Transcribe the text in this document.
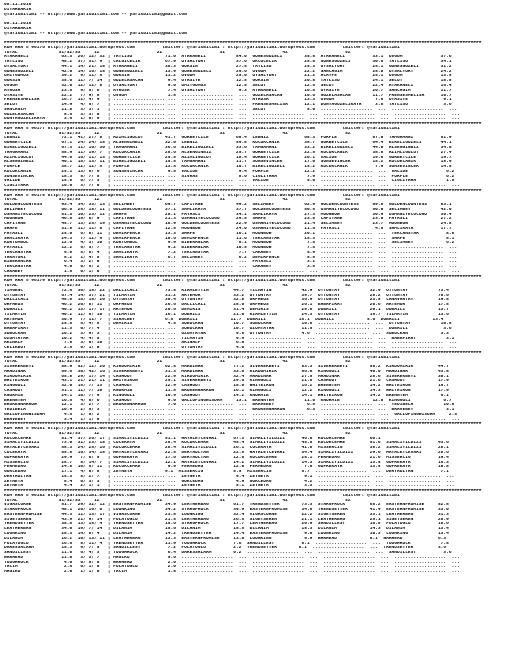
08.11.2016
DIYARBAKIR
@YarisBilimi -- http://www.yarisbilimi.com -- yarisbilimi@gmail.com

08.11.2016
DIYARBAKIR
@YarisBilimi -- http://www.yarisbilimi.com -- yarisbilimi@gmail.com

###############################################################################################################################################################################
KUM ARA = 96176 http://yarisbilimi.wordpress.com          twitter: @YarisBilimi : http://yarisbilimi.wordpress.com          twitter: @YarisBilimi
TOTAL               S1/S2/S3     1Z                     2Z                     3Z                     4Z                     5Z
ATAKANELI            63.3  26/ 12/ 32 | TATLISU            71.0  ATAKANELI           84.0  GUNESGUZELI        35.8  ATAKANELI          33.1  OVGUM              37.6
TATLISU              48.2  37/ 31/ 9  | CALGICELIK         67.9  UYSALYURT           37.6  OKCUCELIK          25.8  GUNESGUZELI        30.6  TATLISU            34.1
UYSALYURT            44.1  14/ 21/ 18 | ATAKANELI          38.3  GOKSIN              27.5  TATLISU            25.3  UYSALYURT          25.1  GUNESGUZELI        31.2
GUNESGUZELI          42.0  14/ 16/ 18 | GUNESGUZELI        13.9  GUNESGUZELI         29.6  OVGUM              22.2  SANCAGIM           25.0  UYSALYURT          24.2
UMITGUMUS            39.2   9/ 11/ 5  | GOKSIN             11.2  OVGUM               25.0  UYSALYURT          21.2  ACAYPE             25.1  OVGUM              13.5
GOKSIN               35.6  11/ 7/ 14  | GUZELASACAN         9.4  OYASIYE             12.5  GOKSIN             20.8  TATLISU            24.1  SELUT              18.8
OVGUM                32.0  12/ 12/ 8  | UYSALYURT           9.0  UMITGUMUS           12.5  SELUT              12.5  SELUT              22.4  ATAKANELI          16.4
AYROSA               23.5   9/ 5/ 6   | AYROSA              7.4  UYSALYURT            9.3  ATAKANELI          10.8  OYASIYE            20.7  SANCAGIM           11.7
OYASIYE              22.2   7/ 9/ 8   | OVGUM               1.8  ...................  ...  GUZELASACAN        10.6  GUZELASACAN        11.7  PRENSESMELISA      10.7
PRENSESMELISA        16.7  11/ 4/ 9   | ................... ...  ...................  ...  AYROSA             13.3  OVGUM               7.6  OYASIYE             9.1
SELUT                14.9   4/ 5/ 7   | ................... ...  ...................  ...  PRENSESMELISA      12.1  DUNYAGUZELIKAYA     3.6  TATLISU             3.6
SANCAGIM             11.8   3/ 3/ 1   | ................... ...  ...................  ...  SELUT               5.0  ...................  ...  ...................  ...
GUZELASACAN           8.5   3/ 3/ 0   | ................... ...  ...................  ...  ...................  ...  ...................  ...  ...................  ...
DUNYAGUZELIKAYA       3.6   1/ 0/ 9   | ................... ...  ...................  ...  ...................  ...  ...................  ...  ...................  ...
###############################################################################################################################################################################
KUM ARA = 96177 http://yarisbilimi.wordpress.com          twitter: @YarisBilimi : http://yarisbilimi.wordpress.com          twitter: @YarisBilimi
TOTAL               S1/S2/S3     1Z                     2Z                     3Z                     4Z                     5Z
LEBNIZ               72.1  41/ 27/ 8  | AZIMLIGULUT        41.7  GURBETCILE          68.4  LEBNIZ             68.3  PURPLE             67.0  TAMGAMANI          51.9
GURBETCILE           67.1  24/ 24/ 18 | ALSENGINBIZ        32.0  LEBNIZ              59.8  KUCUKCANIK         38.7  GURBETCILE         64.4  BIRELIGUZELI       44.1
BIRELIGUZELI         67.3  11/ 16/ 30 | TAMGAMANI          36.6  BIRELIGUZELI        33.6  TAMGAMANI          33.2  BIRELIGUZELI       44.0  ALSENGINBIZ        34.0
TAMGAMANI            58.9  11/ 19/ 7  | KUCUKCANIK         28.6  ALSENGINBIZ         25.7  GURBETCILE         22.5  KUCUKCANIK         38.8  AZIMLIGULUT        27.4
AZIMLIGULUT          44.6  16/ 11/ 13 | GURBETCILE         25.5  AZIMLIGULUT         18.4  GURBETCILE         20.1  VALIDE             19.6  GURBETCILE         19.7
ALSENGINBIZ          40.1  15/ 13/ 11 | BIRELIGUZELI       15.5  TAMGAMANI           11.7  SONSEVINCEK        17.0  SONSEVINCEK        15.2  KUCUKCANIK         18.9
PURPLE               38.7  12/ 12/ 5  | PURPLE             13.5  KUCUKCANIK          10.7  BIRELIGUZELI       15.2  KUCUKCANIK          7.9  SONSEVINCEK        14.5
KUCUKCANIK           25.1  13/ 6/ 6   | SONSEVINCEK         9.5  VALIDE               9.4  PURPLE             12.2  ...................  ...  VALIDE              6.2
SONSEVINCEK          18.3   8/ 7/ 5   | ................... ...  SIVRAS               8.6  CIGLIYARA           7.9  ...................  ...  PURPLE              6.2
VALIDE               15.8   6/ 7/ 3   | ................... ...  ...................  ...  VALIDE              5.0  ...................  ...  CIGLIYARA           1.8
CIGLIYARA            10.0   3/ 7/ 0   | ................... ...  ...................  ...  ...................  ...  ...................  ...  ...................  ...
###############################################################################################################################################################################
KUM ARA = 96178 http://yarisbilimi.wordpress.com          twitter: @YarisBilimi : http://yarisbilimi.wordpress.com          twitter: @YarisBilimi
TOTAL               S1/S2/S3     1Z                     2Z                     3Z                     4Z                     5Z
GOLDENCOUNTESS       93.4  34/ 33/ 13 | SELIMBEY           69.7  CAPITANE            49.2  SELIMBEY           62.9  GOLDENCOUNTESS     69.8  GOLDENCOUNTESS     63.1
SELIMBEY             66.6  25/ 18/ 11 | GOLDENCOUNTESS     37.1  SAMLIKAYA           37.7  GOLDENCOUNTESS     50.5  OSMANIYECOCUGU     50.0  SELIMBEY           42.0
OSMANIYECOCUGU       51.3  10/ 23/ 12 | SHAPE              28.1  PAYASLI             34.1  SAMLIKAYA          27.3  MOONBOW            30.9  OSMANIYECOCUGU     30.4
MOONBOW              46.5  19/ 6/ 9   | CAPITANE           21.3  OSMANIYECOCUGU      29.5  SHAPE              23.8  CAPITANE           23.0  PAYASLI            27.2
CAPITANE             45.7  13/ 25/ 19 | OSMANIYECOCUGU     18.9  GOLDENCOUNTESS      22.9  OSMANIYECOCUGU     21.4  SELIMBEY           23.7  MOONBOW            24.8
SHAPE                31.8  11/ 11/ 8  | CAPITANE           12.5  MOONBOW             24.0  OSMANIYECOCUGU     11.6  PAYASLI             4.5  SAMLIKAYA          17.7
PAYASLI              25.0   6/ 8/ 11  | DEMIRPENCE         13.3  SHAPE               16.1  MOONBOW            20.1  ...................  ...  TEKCANSTAR          8.6
SAMLIKAYA            24.3   7/ 12/ 9  | DEMIRPENCE         10.6  DEMIRPENCE          11.6  TEKCANSTAR         15.3  ...................  ...  SHAPE               8.1
KURTUMBUL            12.6   4/ 3/ 10  | KURTUMBUL           9.9  BIBERANLAR           8.1  MOONBOW             7.5  ...................  ...  SELIMBEY            6.2
PAYASLI              12.2   6/ 5/ 7   | TEKCANSTAR          9.2  BIBERANLAR          10.5  MOONBOW             7.5  ...................  ...  ...................  ...
TEKCANSTAR            9.8   5/ 8/ 4   | SAMLIKAYA           7.2  TEKCANSTAR           7.7  CAKABEY             5.9  ...................  ...  ...................  ...
YAKATORI              8.2   1/ 4/ 5   | SAMLIKAYA           6.7  SELIMBEY             6.2  DEMIRPENCE          5.5  ...................  ...  ...................  ...
BIBERANLAR            6.4   3/ 2/ 0   | ................... ...  ...................  ...  PAYASLI             3.1  ...................  ...  ...................  ...
TEKCANSTAR            4.0   0/ 5/ 2   | ................... ...  ...................  ...  CAKABEY             3.5  ...................  ...  ...................  ...
CAKABEY               1.5   0/ 1/ 0   | ................... ...  ...................  ...  ...................  ...  ...................  ...  ...................  ...
###############################################################################################################################################################################
KUM ARA = 96179 http://yarisbilimi.wordpress.com          twitter: @YarisBilimi : http://yarisbilimi.wordpress.com          twitter: @YarisBilimi
TOTAL               S1/S2/S3     1Z                     2Z                     3Z                     4Z                     5Z
TIMGENC              72.5  30/ 15/ 22 | DALLICALI          73.8  KIAMLETTIN         44.7  TILMATIN           42.9  OTTUNTAY           32.9  OTTUNTAY           73.4
OTTUNTAY             67.4  14/ 37/ 21 | TILMATIN           31.2  ARTEMUR            33.2  OTTUNTAY           39.7  OTTUNTAY           28.2  OTTUNTAY           70.6
DALLICALI            48.8  15/ 18/ 20 | OTTUNTAY           30.4  OTTUNTAY           32.8  ORPHEUS            36.9  OTTUNTAY           23.5  CANAVARTAY         19.8
ORPHEUS              46.2  20/ 8/ 11  | ORPHEUS            26.6  DALLICALI          28.6  ORPHEUS            26.1  BABAFIRAT          20.6  ARTEMUR            17.5
DUBAILI              40.2  13/ 17/ 17 | ARTEMUR            20.6  DEMIRIS            31.4  DEMIRIS            25.6  DUBAILI            20.1  DUBAILI            13.7
TILMATIN             40.2  11/ 8/ 10  | TILMATIN           16.1  DUBAILI            21.0  KIAMLETTIN         24.3  OTTUNTAY           19.7  TILMATIN           13.6
ARTEMUR              30.9   7/ 11/ 7  | SIRACBEY           6.5  DUBAILI            11.7  DUBAILI            15.1  DUBAILI            5.6  DUBAILI            13.4
OTTUNTAY             25.5   5/ 4/ 8   | DEMIRIS             4.5  SUBUCKAN           10.7  SUBUCKAN           10.6  ...................  ...  OTTUNTAY           10.8
BABAFIRAT            11.3   0/ 7/ 4   | ................... ...  SUBUCKAN           10.7  OZUMTATAR          11.5  ...................  ...  DUBAILI             3.6
SUBUCKAN             10.2   3/ 9/ 3   | ................... ...  OZUMTATAR           9.8  OTTUNTAY           4.6  ...................  ...  SUBUCKAN            3.3
OZUMTATAR            10.2   4/ 4/ 5   | ................... ...  TILMATIN            9.9  ...................  ...  ...................  ...  BABAFIRAT           3.1
AKINALP               7.8   3/ 0/ 10  | ................... ...  AKINALP             6.0  ...................  ...  ...................  ...  ...................  ...
CELIKBOY              2.5   0/ 1/ 0   | ................... ...  OTTUNTAY            4.0  ...................  ...  ...................  ...  ...................  ...
###############################################################################################################################################################################
KUM ARA = 96180 http://yarisbilimi.wordpress.com          twitter: @YarisBilimi : http://yarisbilimi.wordpress.com          twitter: @YarisBilimi
TOTAL               S1/S2/S3     1Z                     2Z                     3Z                     4Z                     5Z
SIVEREKBEYI          88.9  52/ 12/ 20 | KIRDOMIRIK         62.5  MAADINAR           77.2  SIVEREKBEYI        83.3  SIVEREKBEYI        58.2  KIRDOMIRIK         44.7
MAADINAR             69.5  30/ 42/ 16 | SIVEREKBEYI        31.3  MAADINAR           33.6  KIRDOMIRIK         56.6  KINGGULI           40.0  MAADINAR           43.8
KIRDOMIRIK           65.8  29/ 17/ 14 | CASHOUT            22.9  KIRDOMIRIK         32.4  MAADINAR           27.5  MAADINAR           28.6  SIVEREKBEYI        30.1
WHITEIRON            43.1  21/ 21/ 11 | WHITEIRON          25.1  SIVEREKBEYI        29.6  KINGGULI           21.6  CASHOUT            21.6  CASHOUT            17.9
KINGGULI             32.0  15/ 7/ 13  | CASHOUT            12.9  CASHOUT            18.0  WHITEIRON          16.2  BRENNTEM           14.2  WHITEIRON          15.7
CASHOUT              31.1  11/ 7/ 10  | KNURMIB            11.5  BROKENNARROW       16.1  KINGGULI           12.2  KINGGULI           14.3  WHITEIRON          17.9
KNURMIB              24.1  10/ 7/ 9   | KINGGULI           10.9  CASHOUT            14.2  KNURMIB            14.1  WHITEIRON          14.2  BRENNTEM            6.1
BRENNTEM             16.5   4/ 6/ 6   | CASHOUT             9.0  GALLOPINGWISDAM     13.1  BRENNTEM           11.0  KNURMIB            12.8  KINGGULI            6.7
BROKENNARROW         12.1   3/ 2/ 7   | BROKENNARROW        7.0  ...................  ...  BRAVEBEY            6.5  ...................  ...  YEDIBELA           10.8
YEDIBELA             10.9   2/ 5/ 3   | ................... ...  ...................  ...  BROKENNARROW        6.3  ...................  ...  BRAVEBEY            3.1
GALLOPINGWISDAM       4.5   1/ 0/ 2   | ................... ...  ...................  ...  ...................  ...  ...................  ...  GALLOPINGWISDAM     2.5
BRAVEBEY              3.4   1/ 1/ 0   | ................... ...  ...................  ...  ...................  ...  ...................  ...  ...................  ...
###############################################################################################################################################################################
KUM ARA = 96181 http://yarisbilimi.wordpress.com          twitter: @YarisBilimi : http://yarisbilimi.wordpress.com          twitter: @YarisBilimi
TOTAL               S1/S2/S3     1Z                     2Z                     3Z                     4Z                     5Z
KUCUKCEMRE           81.4  37/ 26/ 17 | SIMALIYILDIZI      51.1  HAYALETCEVARI      67.3  SIMALIYILDIZI      46.8  KUCUKCEMRE         66.1
SIMALIYILDIZI        73.0  31/ 23/ 18 | CUCEKAYA           28.4  KUCUKCEMRE         45.4  SIMALIYILDIZI      45.5  KUCUKCEMRE         51.6  SIMALIYILDIZI      43.6
HAYALETCEVARI        58.3  24/ 25/ 16 | KUCUKCEMRE         28.4  SIMALIYILDIZI      26.1  CUCEKAYA           41.6  MISSERCIG          38.2  SIMALIYILDIZI      28.1
CUCEKAYA             55.8  16/ 34/ 18 | HAYALETCEVARI      22.5  DERYAULTAN         22.5  HAYALETCEVARI      34.4  SIMALIYILDIZI      29.6  HAYALETCEVARI      28.6
GUFREKAYA            29.9   7/ 6/ 5   | GUFREKAYA          17.6  DERYAULTAN         12.8  KUCUKCEMRE         28.1  FERMEDAG           21.6  MISSERCIG          19.4
MISSERCIG            28.7   8/ 14/ 7  | SIMALIYILDIZI      12.1  HAYALETCEVARI      14.2  SIMALIYILDIZI      14.3  SIMALIYILDIZI      13.5  GUFREKAYA          15.3
FERMEDAG             24.8  10/ 5/ 11  | KUCUKCEMRE          9.9  FERMEDAG           12.0  FERMEDAG            7.6  GUFREKAYA          13.5  GUFREKAYA          10.8
GOKCEDAG             17.1   4/ 8/ 8   | ZEYNETA            9.1  MISSERCIG           8.5  MISSERCIG           5.7  ...................  ...  DERYAULTAN          7.1
DERYAULTAN           15.3   8/ 2/ 7   | ................... ...  ZEYNETA             9.4  ZEYNETA             9.1  ...................  ...  ...................  ...
ZEYNETA               8.4   0/ 3/ 3   | ................... ...  GOKCEDAG            4.9  GOKCEDAG            4.2  ...................  ...  ...................  ...
ZEYNETA               4.4   2/ 1/ 1   | ................... ...  ZEYNETA             5.1  ZEYNETA             3.3  ...................  ...  ...................  ...
###############################################################################################################################################################################
KUM ARA = 96182 http://yarisbilimi.wordpress.com          twitter: @YarisBilimi : http://yarisbilimi.wordpress.com          twitter: @YarisBilimi
TOTAL               S1/S2/S3     1Z                     2Z                     3Z                     4Z                     5Z
VIGASCORNE           51.7  29/ 32/ 12 | EASTERNPROMISE     34.9  LEATHERBAG         61.7  TRENDSETTER        73.3  STARGFROCK         65.2  EASTERNPROMISE     52.8
STARGFROCK           48.1  20/ 16/ 6  | LOONKING           34.2  STARGFROCK         39.9  EASTERNPROMISE     34.6  TRENDSETTER        41.4  EASTERNPROMISE     33.0
EASTERNPROMISE       44.3  11/ 13/ 17 | VIGASCORNE         23.8  LOONKING           32.4  VIGASCORNE         22.2  SIGETSEREN         33.1  LEATHERBAG         31.3
SIGETSEREN           43.9  21/ 9/ 14  | POLATOGLU          21.5  LEATHERBAG         26.5  SIGETSEREN         21.1  LEATHERBAG         25.1  SIGETSEREN         28.9
TRENDSETTER          38.5  13/ 15/ 4  | TRENDSETTER        15.6  STARGFROCK         17.7  LEATHERBAG         20.9  SANDILLEST         16.8  POLATOGLU          18.6
LEATHERBAG           34.0  19/ 7/ 14  | DILANIM            15.6  DILANIM            18.5  DILANIM            18.3  DILANIM            14.3  DILANIM            13.4
LOONKING             28.3  14/ 8/ 4   | DILANIM            14.2  TRENDSETTER        14.4  EASTERNPROMISE      9.0  LOONKING           10.3  LOONKING           13.4
DILANIM              16.2  10/ 13/ 11 | LEATHERBAG         13.3  EASTERNPROMISE     13.0  LOONKING            9.9  WARHEAD            8.1  WARHEAD             6.3
POLATOGLU            16.6   8/ 11/ 4  | TRENDSETTER        11.9  TOUGHROCK          7.6  SANDILLEST          8.1  ...................  ...  TOUGHROCK           7.8
DARESSALAAM          15.3   9/ 7/ 5   | SANDILLEST          7.2  POLATOGLU          2.2  TRENDSETTER        8.1  ...................  ...  TRENDSETTER         3.6
SANDILLEST           11.6   6/ 4/ 3   | TOUGHROCK           6.4  DARESSALAAM        6.2  ...................  ...  ...................  ...  SANDILLEST          3.6
WARHEAD              11.0   3/ 3/ 7   | MAGIKO              5.6  ...................  ...  ...................  ...  ...................  ...  ...................  ...
TOUGHROCK             4.0   0/ 5/ 0   | WARHEAD             2.0  ...................  ...  ...................  ...  ...................  ...  ...................  ...
TACIM                 2.5   0/ 1/ 0   | POLATOGLU           2.0  ...................  ...  ...................  ...  ...................  ...  ...................  ...
MAGIKO                2.0   1/ 1/ 0   | TACIM               1.8  ...................  ...  ...................  ...  ...................  ...  ...................  ...
